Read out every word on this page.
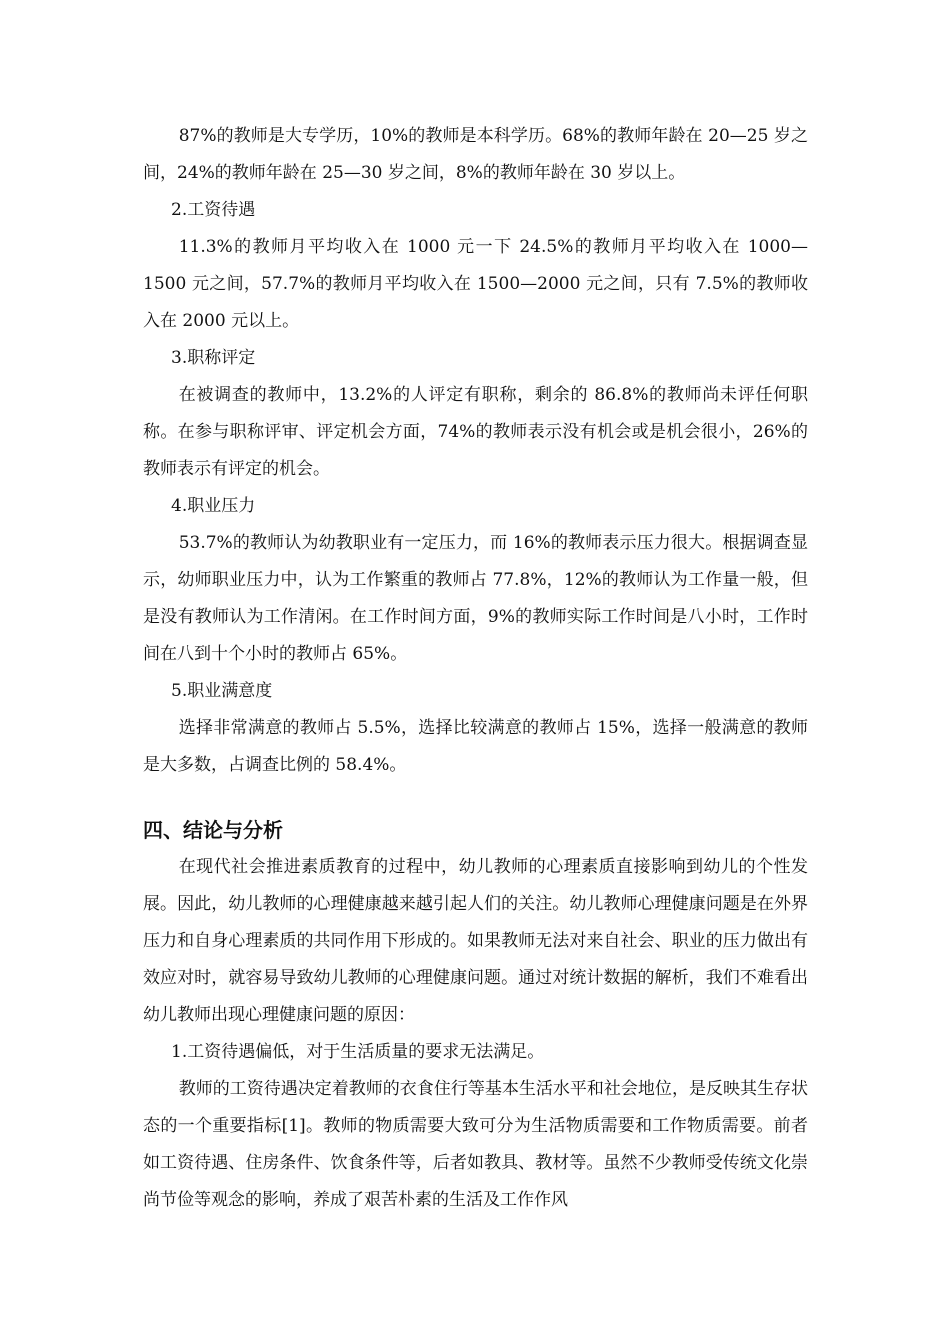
87%的教师是大专学历，10%的教师是本科学历。68%的教师年龄在 20—25 岁之间，24%的教师年龄在 25—30 岁之间，8%的教师年龄在 30 岁以上。

2.工资待遇

11.3%的教师月平均收入在 1000 元一下 24.5%的教师月平均收入在 1000—1500 元之间，57.7%的教师月平均收入在 1500—2000 元之间，只有 7.5%的教师收入在 2000 元以上。

3.职称评定

在被调查的教师中，13.2%的人评定有职称，剩余的 86.8%的教师尚未评任何职称。在参与职称评审、评定机会方面，74%的教师表示没有机会或是机会很小，26%的教师表示有评定的机会。

4.职业压力

53.7%的教师认为幼教职业有一定压力，而 16%的教师表示压力很大。根据调查显示，幼师职业压力中，认为工作繁重的教师占 77.8%，12%的教师认为工作量一般，但是没有教师认为工作清闲。在工作时间方面，9%的教师实际工作时间是八小时，工作时间在八到十个小时的教师占 65%。

5.职业满意度

选择非常满意的教师占 5.5%，选择比较满意的教师占 15%，选择一般满意的教师是大多数，占调查比例的 58.4%。

四、结论与分析

在现代社会推进素质教育的过程中，幼儿教师的心理素质直接影响到幼儿的个性发展。因此，幼儿教师的心理健康越来越引起人们的关注。幼儿教师心理健康问题是在外界压力和自身心理素质的共同作用下形成的。如果教师无法对来自社会、职业的压力做出有效应对时，就容易导致幼儿教师的心理健康问题。通过对统计数据的解析，我们不难看出幼儿教师出现心理健康问题的原因：

1.工资待遇偏低，对于生活质量的要求无法满足。

教师的工资待遇决定着教师的衣食住行等基本生活水平和社会地位，是反映其生存状态的一个重要指标[1]。教师的物质需要大致可分为生活物质需要和工作物质需要。前者如工资待遇、住房条件、饮食条件等，后者如教具、教材等。虽然不少教师受传统文化崇尚节俭等观念的影响，养成了艰苦朴素的生活及工作作风
